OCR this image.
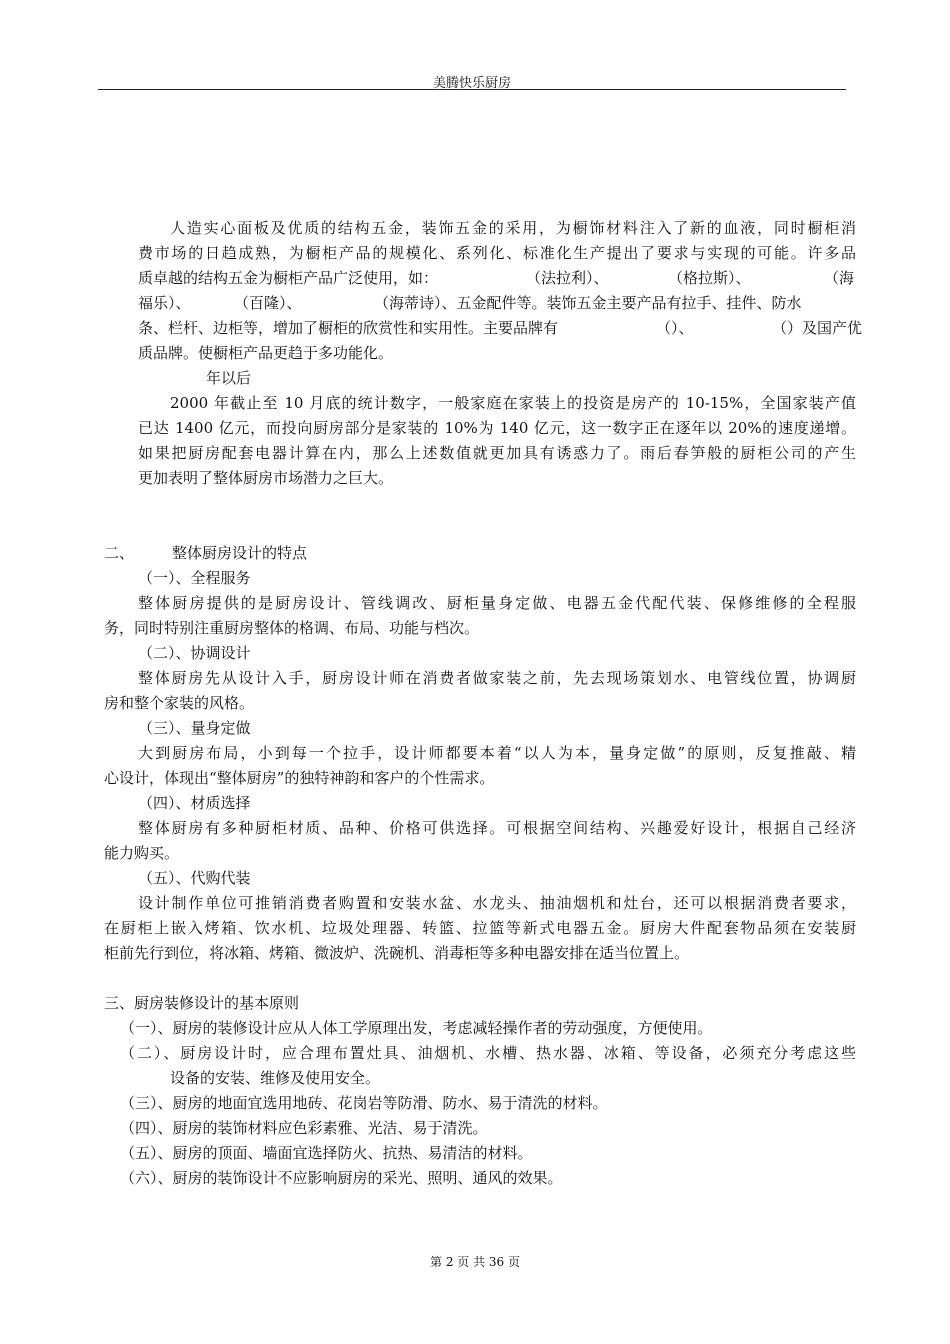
美腾快乐厨房
人造实心面板及优质的结构五金，装饰五金的采用，为橱饰材料注入了新的血液，同时橱柜消
费市场的日趋成熟，为橱柜产品的规模化、系列化、标准化生产提出了要求与实现的可能。许多品
质卓越的结构五金为橱柜产品广泛使用，如：	（法拉利）、	（格拉斯）、	（海
福乐）、	（百隆）、	（海蒂诗）、五金配件等。装饰五金主要产品有拉手、挂件、防水
条、栏杆、边柜等，增加了橱柜的欣赏性和实用性。主要品牌有	（）、	（）及国产优
质品牌。使橱柜产品更趋于多功能化。
年以后
2000 年截止至 10 月底的统计数字，一般家庭在家装上的投资是房产的 10-15%，全国家装产值
已达 1400 亿元，而投向厨房部分是家装的 10%为 140 亿元，这一数字正在逐年以 20%的速度递增。
如果把厨房配套电器计算在内，那么上述数值就更加具有诱惑力了。雨后春笋般的厨柜公司的产生
更加表明了整体厨房市场潜力之巨大。
二、	整体厨房设计的特点
（一）、全程服务
整体厨房提供的是厨房设计、管线调改、厨柜量身定做、电器五金代配代装、保修维修的全程服
务，同时特别注重厨房整体的格调、布局、功能与档次。
（二）、协调设计
整体厨房先从设计入手，厨房设计师在消费者做家装之前，先去现场策划水、电管线位置，协调厨
房和整个家装的风格。
（三）、量身定做
大到厨房布局，小到每一个拉手，设计师都要本着“以人为本，量身定做”的原则，反复推敲、精
心设计，体现出“整体厨房”的独特神韵和客户的个性需求。
（四）、材质选择
整体厨房有多种厨柜材质、品种、价格可供选择。可根据空间结构、兴趣爱好设计，根据自己经济
能力购买。
（五）、代购代装
设计制作单位可推销消费者购置和安装水盆、水龙头、抽油烟机和灶台，还可以根据消费者要求，
在厨柜上嵌入烤箱、饮水机、垃圾处理器、转篮、拉篮等新式电器五金。厨房大件配套物品须在安装厨
柜前先行到位，将冰箱、烤箱、微波炉、洗碗机、消毒柜等多种电器安排在适当位置上。
三、厨房装修设计的基本原则
（一）、厨房的装修设计应从人体工学原理出发，考虑减轻操作者的劳动强度，方便使用。
（二）、厨房设计时，应合理布置灶具、油烟机、水槽、热水器、冰箱、等设备，必须充分考虑这些
设备的安装、维修及使用安全。
（三）、厨房的地面宜选用地砖、花岗岩等防滑、防水、易于清洗的材料。
（四）、厨房的装饰材料应色彩素雅、光洁、易于清洗。
（五）、厨房的顶面、墙面宜选择防火、抗热、易清洁的材料。
（六）、厨房的装饰设计不应影响厨房的采光、照明、通风的效果。
第 2 页 共 36 页
